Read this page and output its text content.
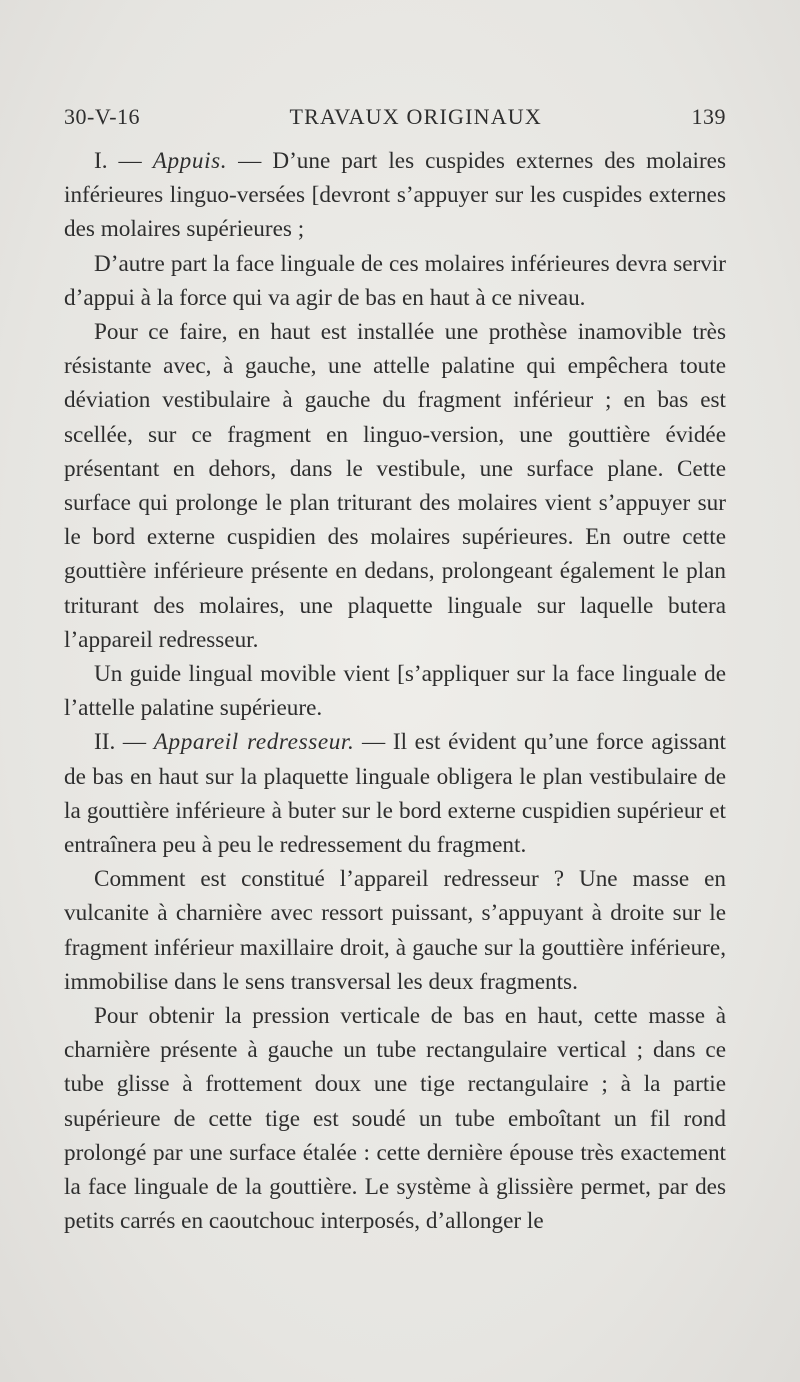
30-V-16	TRAVAUX ORIGINAUX	139

I. — Appuis. — D’une part les cuspides externes des molaires inférieures linguo-versées [devront s’appuyer sur les cuspides externes des molaires supérieures ;

D’autre part la face linguale de ces molaires inférieures devra servir d’appui à la force qui va agir de bas en haut à ce niveau.

Pour ce faire, en haut est installée une prothèse inamovible très résistante avec, à gauche, une attelle palatine qui empêchera toute déviation vestibulaire à gauche du fragment inférieur ; en bas est scellée, sur ce fragment en linguo-version, une gouttière évidée présentant en dehors, dans le vestibule, une surface plane. Cette surface qui prolonge le plan triturant des molaires vient s’appuyer sur le bord externe cuspidien des molaires supérieures. En outre cette gouttière inférieure présente en dedans, prolongeant également le plan triturant des molaires, une plaquette linguale sur laquelle butera l’appareil redresseur.

Un guide lingual movible vient [s’appliquer sur la face linguale de l’attelle palatine supérieure.

II. — Appareil redresseur. — Il est évident qu’une force agissant de bas en haut sur la plaquette linguale obligera le plan vestibulaire de la gouttière inférieure à buter sur le bord externe cuspidien supérieur et entraînera peu à peu le redressement du fragment.

Comment est constitué l’appareil redresseur ? Une masse en vulcanite à charnière avec ressort puissant, s’appuyant à droite sur le fragment inférieur maxillaire droit, à gauche sur la gouttière inférieure, immobilise dans le sens transversal les deux fragments.

Pour obtenir la pression verticale de bas en haut, cette masse à charnière présente à gauche un tube rectangulaire vertical ; dans ce tube glisse à frottement doux une tige rectangulaire ; à la partie supérieure de cette tige est soudé un tube emboîtant un fil rond prolongé par une surface étalée : cette dernière épouse très exactement la face linguale de la gouttière. Le système à glissière permet, par des petits carrés en caoutchouc interposés, d’allonger le
